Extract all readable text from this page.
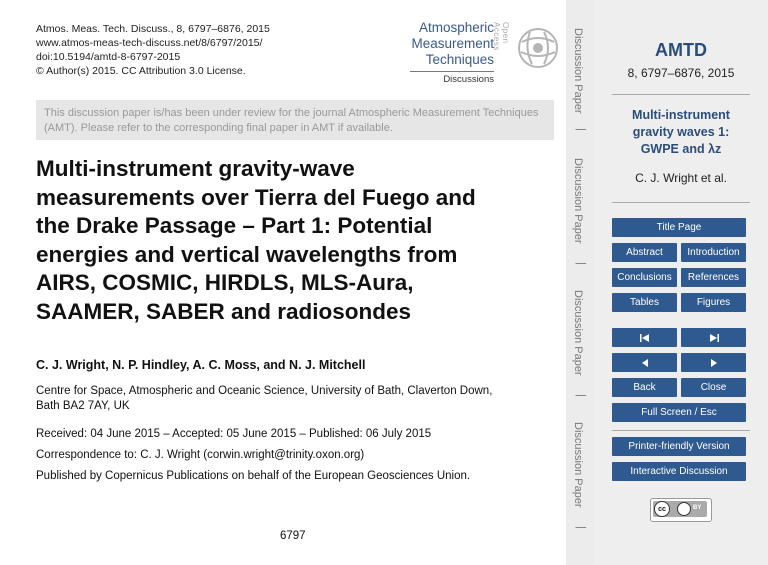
Atmos. Meas. Tech. Discuss., 8, 6797–6876, 2015
www.atmos-meas-tech-discuss.net/8/6797/2015/
doi:10.5194/amtd-8-6797-2015
© Author(s) 2015. CC Attribution 3.0 License.
Atmospheric
Measurement
Techniques
Discussions
Open Access
This discussion paper is/has been under review for the journal Atmospheric Measurement Techniques (AMT). Please refer to the corresponding final paper in AMT if available.
Multi-instrument gravity-wave
measurements over Tierra del Fuego and
the Drake Passage – Part 1: Potential
energies and vertical wavelengths from
AIRS, COSMIC, HIRDLS, MLS-Aura,
SAAMER, SABER and radiosondes
C. J. Wright, N. P. Hindley, A. C. Moss, and N. J. Mitchell
Centre for Space, Atmospheric and Oceanic Science, University of Bath, Claverton Down,
Bath BA2 7AY, UK
Received: 04 June 2015 – Accepted: 05 June 2015 – Published: 06 July 2015
Correspondence to: C. J. Wright (corwin.wright@trinity.oxon.org)
Published by Copernicus Publications on behalf of the European Geosciences Union.
6797
Discussion Paper
|
Discussion Paper
|
Discussion Paper
|
Discussion Paper
|
AMTD
8, 6797–6876, 2015
Multi-instrument
gravity waves 1:
GWPE and λz
C. J. Wright et al.
Title Page
Abstract	Introduction
Conclusions	References
Tables	Figures
Back	Close
Full Screen / Esc
Printer-friendly Version
Interactive Discussion
cc	BY
